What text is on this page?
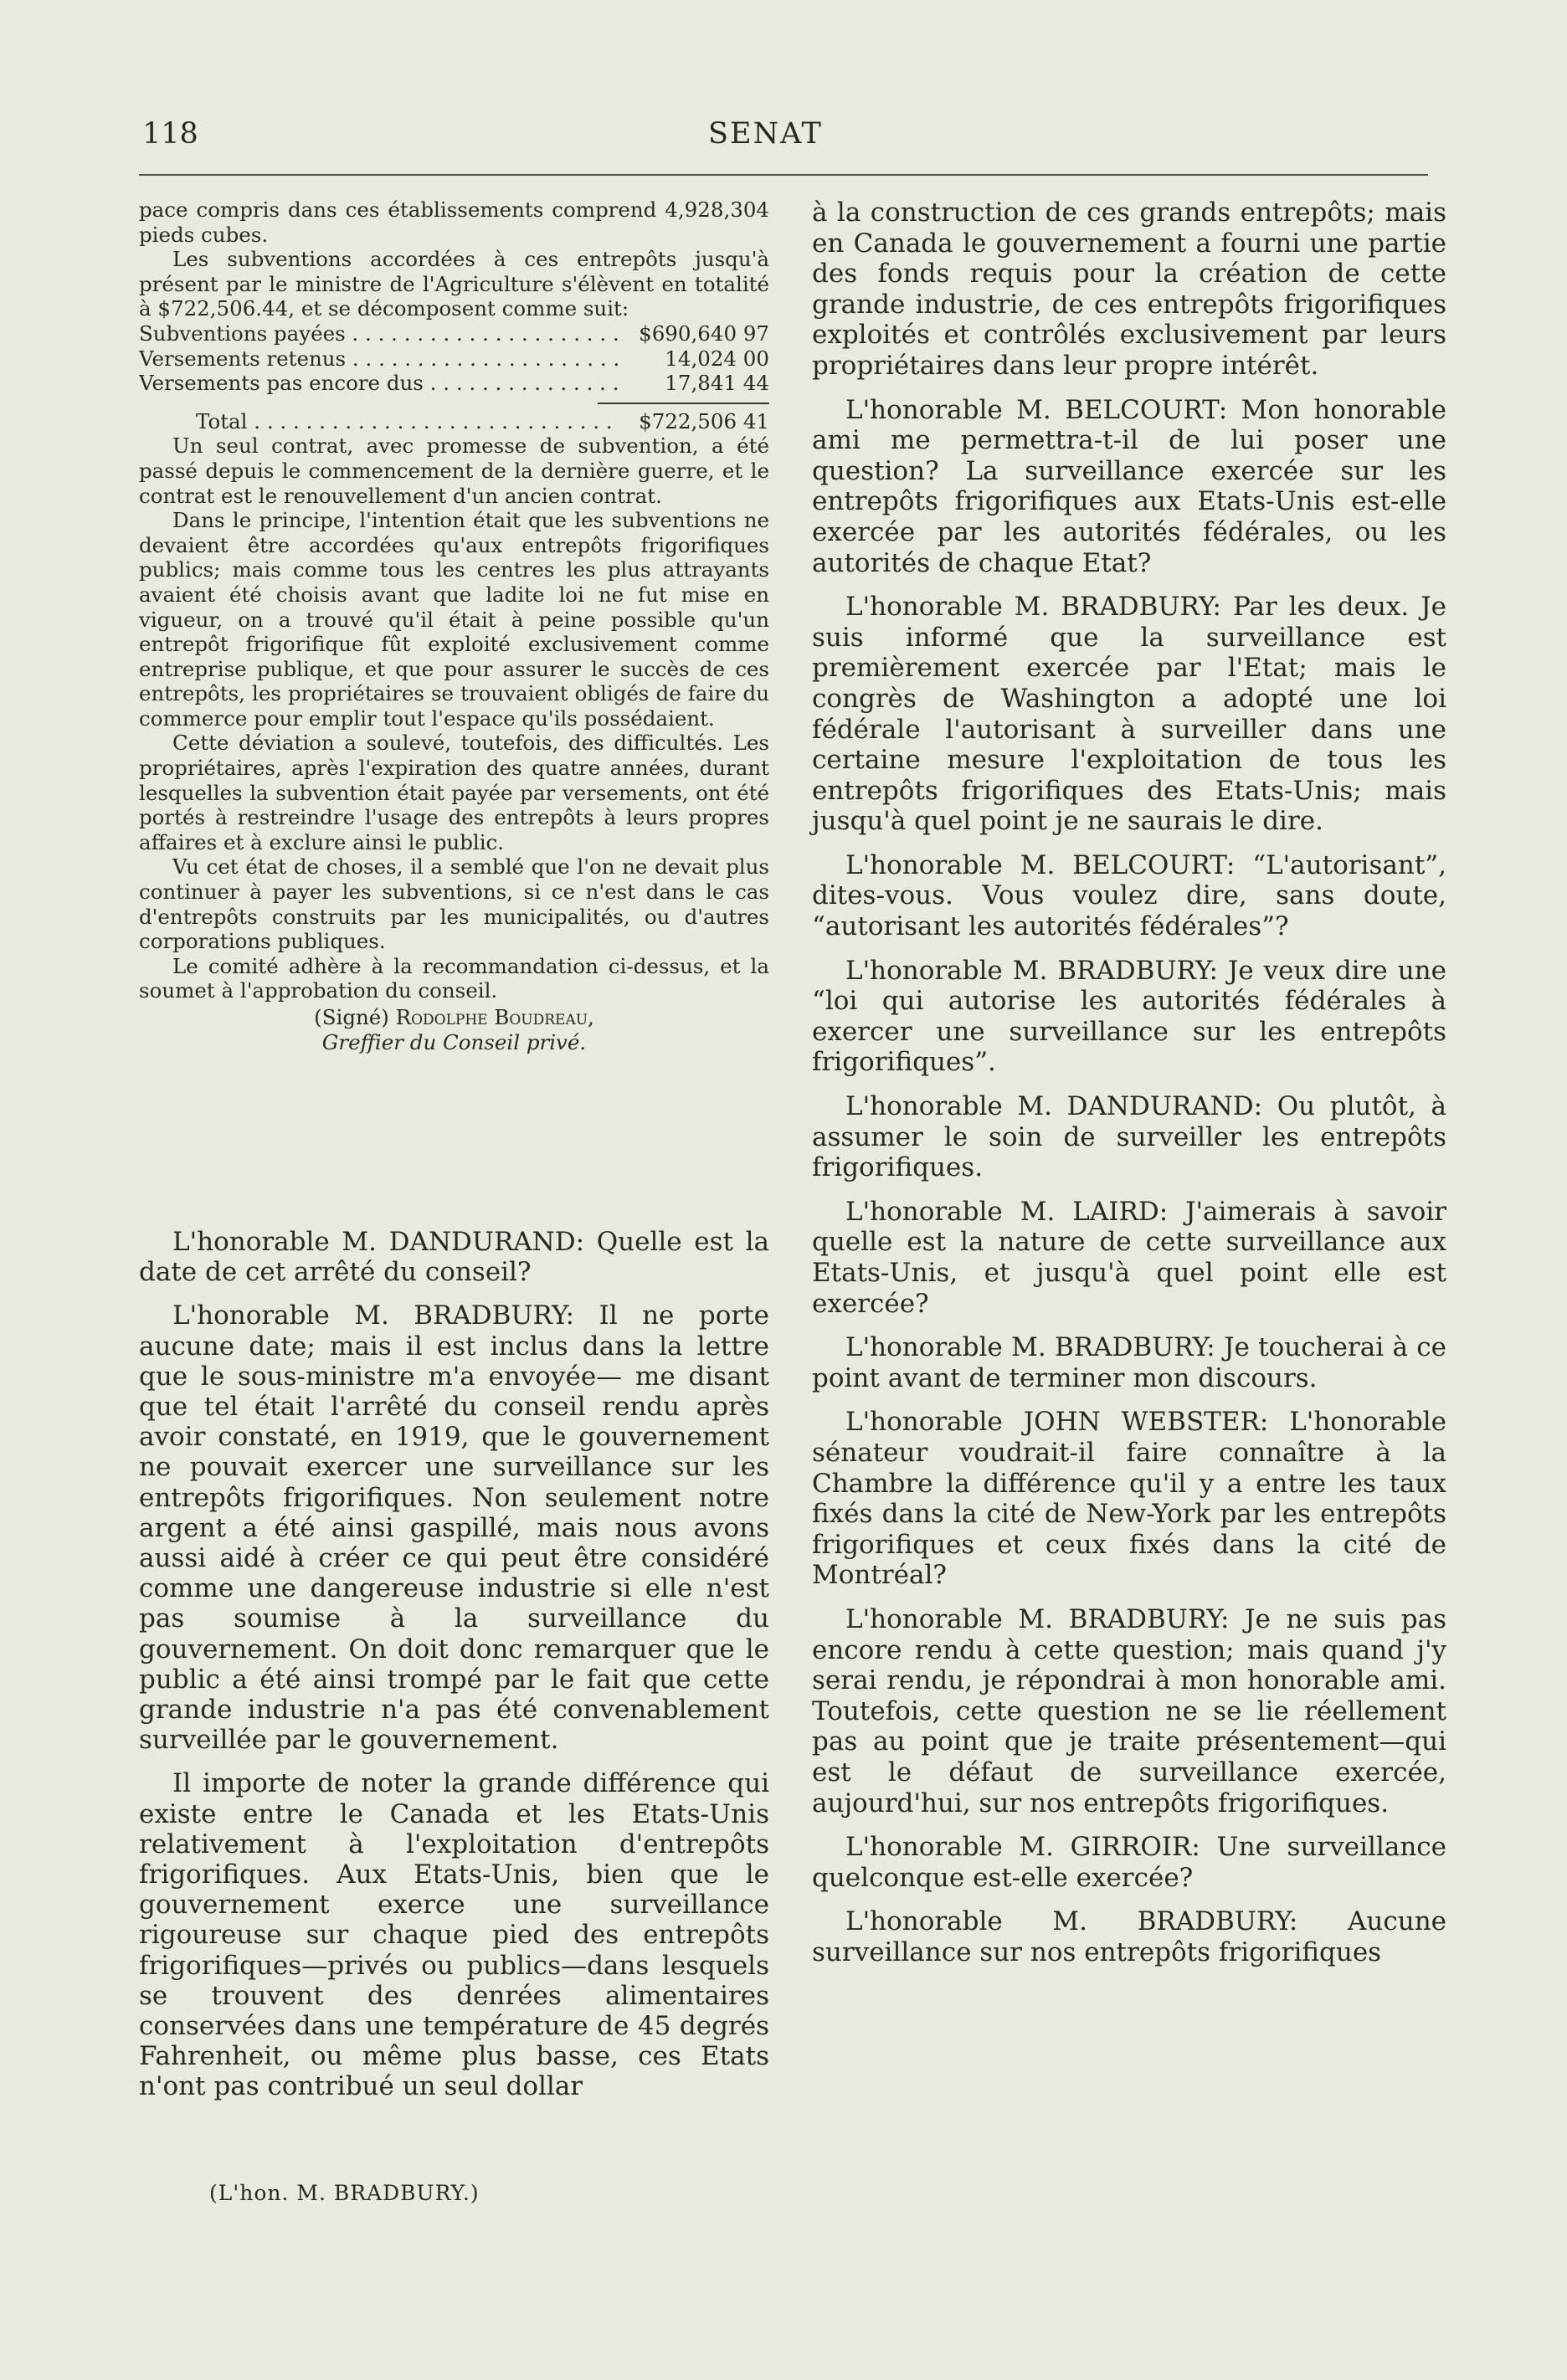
118	SENAT

pace compris dans ces établissements comprend 4,928,304 pieds cubes.

Les subventions accordées à ces entrepôts jusqu'à présent par le ministre de l'Agriculture s'élèvent en totalité à $722,506.44, et se décomposent comme suit:

Subventions payées . . .	$690,640 97
Versements retenus . . .	14,024 00
Versements pas encore dus . . .	17,841 44
Total . . .	$722,506 41

Un seul contrat, avec promesse de subvention, a été passé depuis le commencement de la dernière guerre, et le contrat est le renouvellement d'un ancien contrat.

Dans le principe, l'intention était que les subventions ne devaient être accordées qu'aux entrepôts frigorifiques publics; mais comme tous les centres les plus attrayants avaient été choisis avant que ladite loi ne fut mise en vigueur, on a trouvé qu'il était à peine possible qu'un entrepôt frigorifique fût exploité exclusivement comme entreprise publique, et que pour assurer le succès de ces entrepôts, les propriétaires se trouvaient obligés de faire du commerce pour emplir tout l'espace qu'ils possédaient.

Cette déviation a soulevé, toutefois, des difficultés. Les propriétaires, après l'expiration des quatre années, durant lesquelles la subvention était payée par versements, ont été portés à restreindre l'usage des entrepôts à leurs propres affaires et à exclure ainsi le public.

Vu cet état de choses, il a semblé que l'on ne devait plus continuer à payer les subventions, si ce n'est dans le cas d'entrepôts construits par les municipalités, ou d'autres corporations publiques.

Le comité adhère à la recommandation ci-dessus, et la soumet à l'approbation du conseil.

(Signé) Rodolphe Boudreau,
Greffier du Conseil privé.

L'honorable M. DANDURAND: Quelle est la date de cet arrêté du conseil?

L'honorable M. BRADBURY: Il ne porte aucune date; mais il est inclus dans la lettre que le sous-ministre m'a envoyée— me disant que tel était l'arrêté du conseil rendu après avoir constaté, en 1919, que le gouvernement ne pouvait exercer une surveillance sur les entrepôts frigorifiques. Non seulement notre argent a été ainsi gaspillé, mais nous avons aussi aidé à créer ce qui peut être considéré comme une dangereuse industrie si elle n'est pas soumise à la surveillance du gouvernement. On doit donc remarquer que le public a été ainsi trompé par le fait que cette grande industrie n'a pas été convenablement surveillée par le gouvernement.

Il importe de noter la grande différence qui existe entre le Canada et les Etats-Unis relativement à l'exploitation d'entrepôts frigorifiques. Aux Etats-Unis, bien que le gouvernement exerce une surveillance rigoureuse sur chaque pied des entrepôts frigorifiques—privés ou publics—dans lesquels se trouvent des denrées alimentaires conservées dans une température de 45 degrés Fahrenheit, ou même plus basse, ces Etats n'ont pas contribué un seul dollar

à la construction de ces grands entrepôts; mais en Canada le gouvernement a fourni une partie des fonds requis pour la création de cette grande industrie, de ces entrepôts frigorifiques exploités et contrôlés exclusivement par leurs propriétaires dans leur propre intérêt.

L'honorable M. BELCOURT: Mon honorable ami me permettra-t-il de lui poser une question? La surveillance exercée sur les entrepôts frigorifiques aux Etats-Unis est-elle exercée par les autorités fédérales, ou les autorités de chaque Etat?

L'honorable M. BRADBURY: Par les deux. Je suis informé que la surveillance est premièrement exercée par l'Etat; mais le congrès de Washington a adopté une loi fédérale l'autorisant à surveiller dans une certaine mesure l'exploitation de tous les entrepôts frigorifiques des Etats-Unis; mais jusqu'à quel point je ne saurais le dire.

L'honorable M. BELCOURT: “L'autorisant”, dites-vous. Vous voulez dire, sans doute, “autorisant les autorités fédérales”?

L'honorable M. BRADBURY: Je veux dire une “loi qui autorise les autorités fédérales à exercer une surveillance sur les entrepôts frigorifiques”.

L'honorable M. DANDURAND: Ou plutôt, à assumer le soin de surveiller les entrepôts frigorifiques.

L'honorable M. LAIRD: J'aimerais à savoir quelle est la nature de cette surveillance aux Etats-Unis, et jusqu'à quel point elle est exercée?

L'honorable M. BRADBURY: Je toucherai à ce point avant de terminer mon discours.

L'honorable JOHN WEBSTER: L'honorable sénateur voudrait-il faire connaître à la Chambre la différence qu'il y a entre les taux fixés dans la cité de New-York par les entrepôts frigorifiques et ceux fixés dans la cité de Montréal?

L'honorable M. BRADBURY: Je ne suis pas encore rendu à cette question; mais quand j'y serai rendu, je répondrai à mon honorable ami. Toutefois, cette question ne se lie réellement pas au point que je traite présentement—qui est le défaut de surveillance exercée, aujourd'hui, sur nos entrepôts frigorifiques.

L'honorable M. GIRROIR: Une surveillance quelconque est-elle exercée?

L'honorable M. BRADBURY: Aucune surveillance sur nos entrepôts frigorifiques

(L'hon. M. BRADBURY.)
